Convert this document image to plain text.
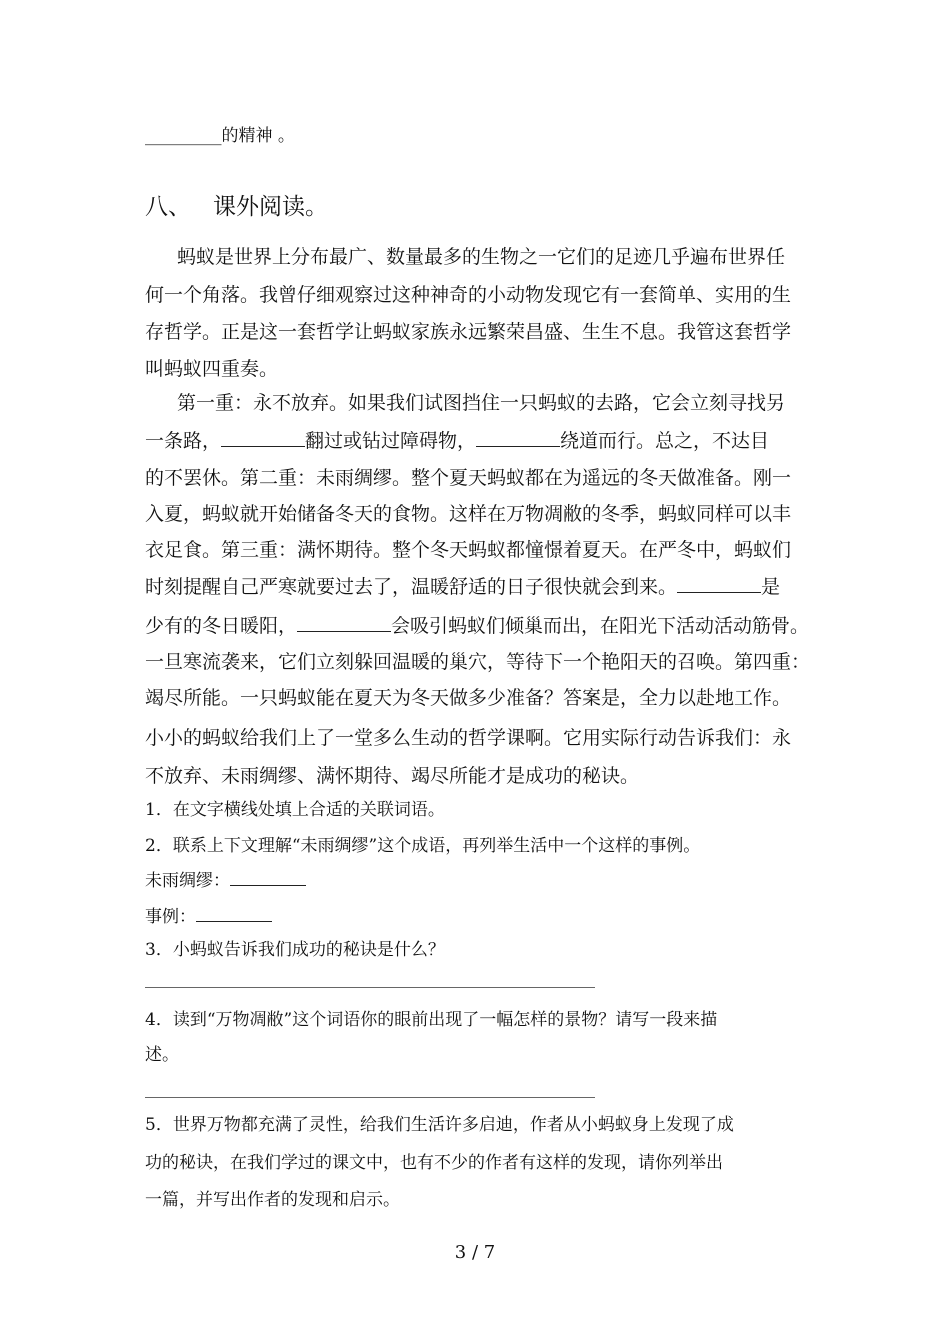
_________的精神 。
八、 课外阅读。
蚂蚁是世界上分布最广、数量最多的生物之一它们的足迹几乎遍布世界任
何一个角落。我曾仔细观察过这种神奇的小动物发现它有一套简单、实用的生
存哲学。正是这一套哲学让蚂蚁家族永远繁荣昌盛、生生不息。我管这套哲学
叫蚂蚁四重奏。
第一重：永不放弃。如果我们试图挡住一只蚂蚁的去路，它会立刻寻找另
一条路，	翻过或钻过障碍物，	绕道而行。总之，不达目
的不罢休。第二重：未雨绸缪。整个夏天蚂蚁都在为遥远的冬天做准备。刚一
入夏，蚂蚁就开始储备冬天的食物。这样在万物凋敝的冬季，蚂蚁同样可以丰
衣足食。第三重：满怀期待。整个冬天蚂蚁都憧憬着夏天。在严冬中，蚂蚁们
时刻提醒自己严寒就要过去了，温暖舒适的日子很快就会到来。	是
少有的冬日暖阳，	会吸引蚂蚁们倾巢而出，在阳光下活动活动筋骨。
一旦寒流袭来，它们立刻躲回温暖的巢穴，等待下一个艳阳天的召唤。第四重：
竭尽所能。一只蚂蚁能在夏天为冬天做多少准备？答案是，全力以赴地工作。
小小的蚂蚁给我们上了一堂多么生动的哲学课啊。它用实际行动告诉我们：永
不放弃、未雨绸缪、满怀期待、竭尽所能才是成功的秘诀。
1．在文字横线处填上合适的关联词语。
2．联系上下文理解“未雨绸缪”这个成语，再列举生活中一个这样的事例。
未雨绸缪：
事例：
3．小蚂蚁告诉我们成功的秘诀是什么？
4．读到“万物凋敝”这个词语你的眼前出现了一幅怎样的景物？请写一段来描
述。
5．世界万物都充满了灵性，给我们生活许多启迪，作者从小蚂蚁身上发现了成
功的秘诀，在我们学过的课文中，也有不少的作者有这样的发现，请你列举出
一篇，并写出作者的发现和启示。
3 / 7
